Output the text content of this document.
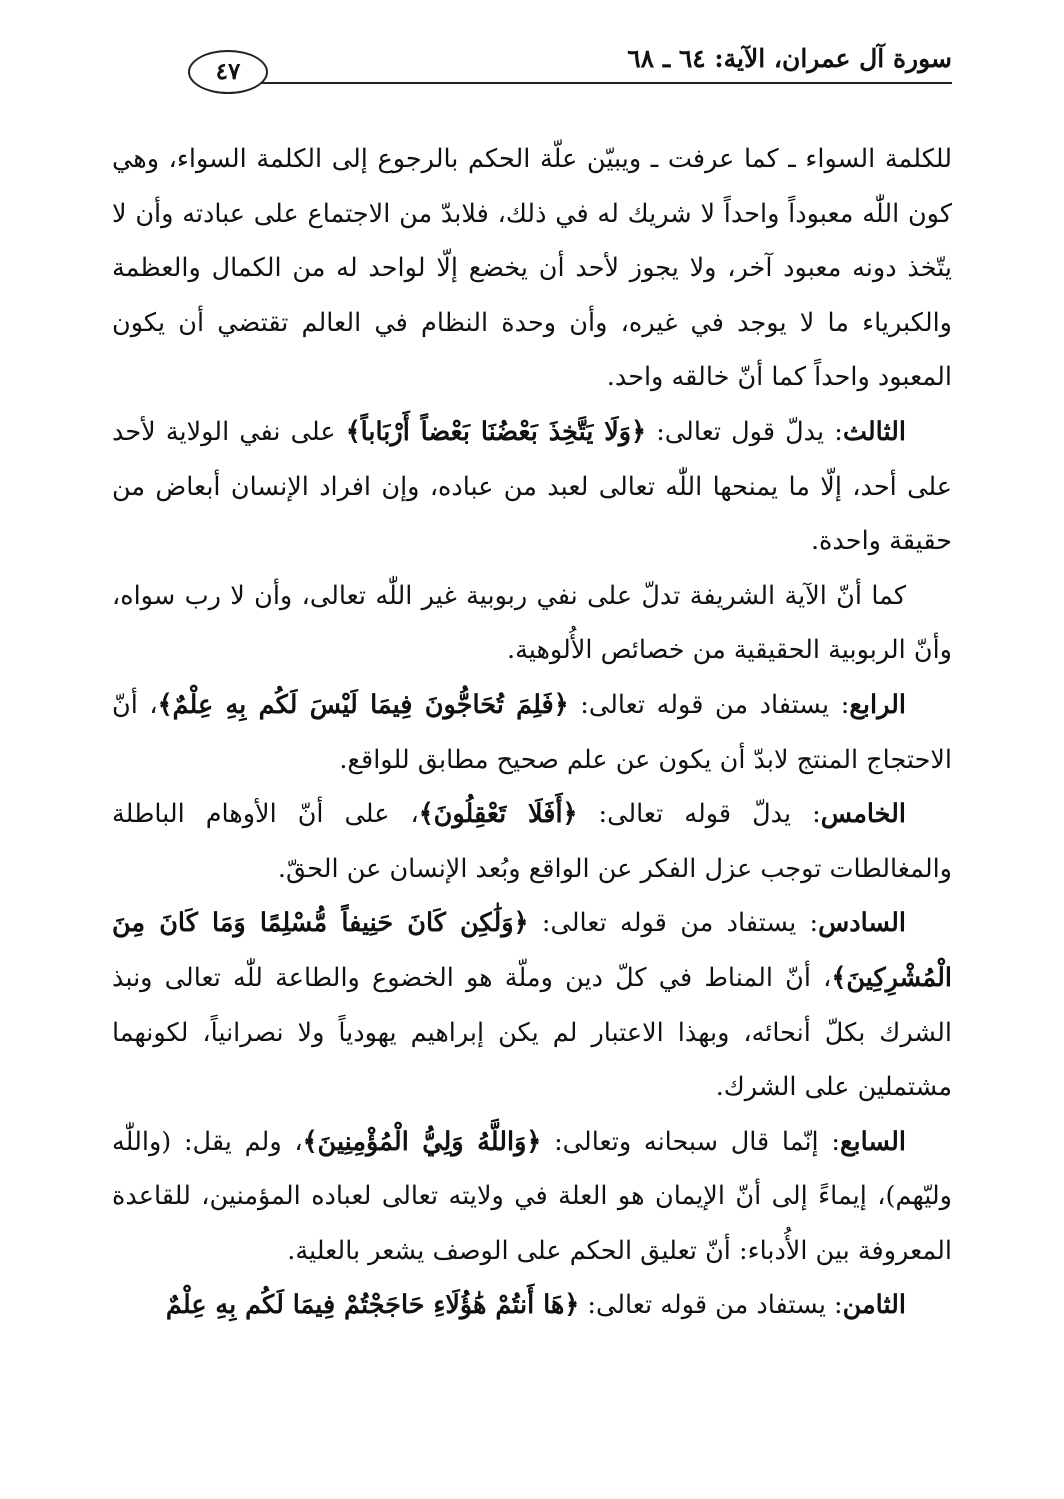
سورة آل عمران، الآية: ٦٤ ـ ٦٨
٤٧

للكلمة السواء ـ كما عرفت ـ ويبيّن علّة الحكم بالرجوع إلى الكلمة السواء، وهي كون اللّٰه معبوداً واحداً لا شريك له في ذلك، فلابدّ من الاجتماع على عبادته وأن لا يتّخذ دونه معبود آخر، ولا يجوز لأحد أن يخضع إلّا لواحد له من الكمال والعظمة والكبرياء ما لا يوجد في غيره، وأن وحدة النظام في العالم تقتضي أن يكون المعبود واحداً كما أنّ خالقه واحد.

الثالث: يدلّ قول تعالى: ﴿وَلَا يَتَّخِذَ بَعْضُنَا بَعْضاً أَرْبَاباً﴾ على نفي الولاية لأحد على أحد، إلّا ما يمنحها اللّٰه تعالى لعبد من عباده، وإن افراد الإنسان أبعاض من حقيقة واحدة.

كما أنّ الآية الشريفة تدلّ على نفي ربوبية غير اللّٰه تعالى، وأن لا رب سواه، وأنّ الربوبية الحقيقية من خصائص الأُلوهية.

الرابع: يستفاد من قوله تعالى: ﴿فَلِمَ تُحَاجُّونَ فِيمَا لَيْسَ لَكُم بِهِ عِلْمٌ﴾، أنّ الاحتجاج المنتج لابدّ أن يكون عن علم صحيح مطابق للواقع.

الخامس: يدلّ قوله تعالى: ﴿أَفَلَا تَعْقِلُونَ﴾، على أنّ الأوهام الباطلة والمغالطات توجب عزل الفكر عن الواقع وبُعد الإنسان عن الحقّ.

السادس: يستفاد من قوله تعالى: ﴿وَلَٰكِن كَانَ حَنِيفاً مُّسْلِمًا وَمَا كَانَ مِنَ الْمُشْرِكِينَ﴾، أنّ المناط في كلّ دين وملّة هو الخضوع والطاعة للّٰه تعالى ونبذ الشرك بكلّ أنحائه، وبهذا الاعتبار لم يكن إبراهيم يهودياً ولا نصرانياً، لكونهما مشتملين على الشرك.

السابع: إنّما قال سبحانه وتعالى: ﴿وَاللَّهُ وَلِيُّ الْمُؤْمِنِينَ﴾، ولم يقل: (واللّٰه وليّهم)، إيماءً إلى أنّ الإيمان هو العلة في ولايته تعالى لعباده المؤمنين، للقاعدة المعروفة بين الأُدباء: أنّ تعليق الحكم على الوصف يشعر بالعلية.

الثامن: يستفاد من قوله تعالى: ﴿هَا أَنتُمْ هَٰؤُلَاءِ حَاجَجْتُمْ فِيمَا لَكُم بِهِ عِلْمٌ
